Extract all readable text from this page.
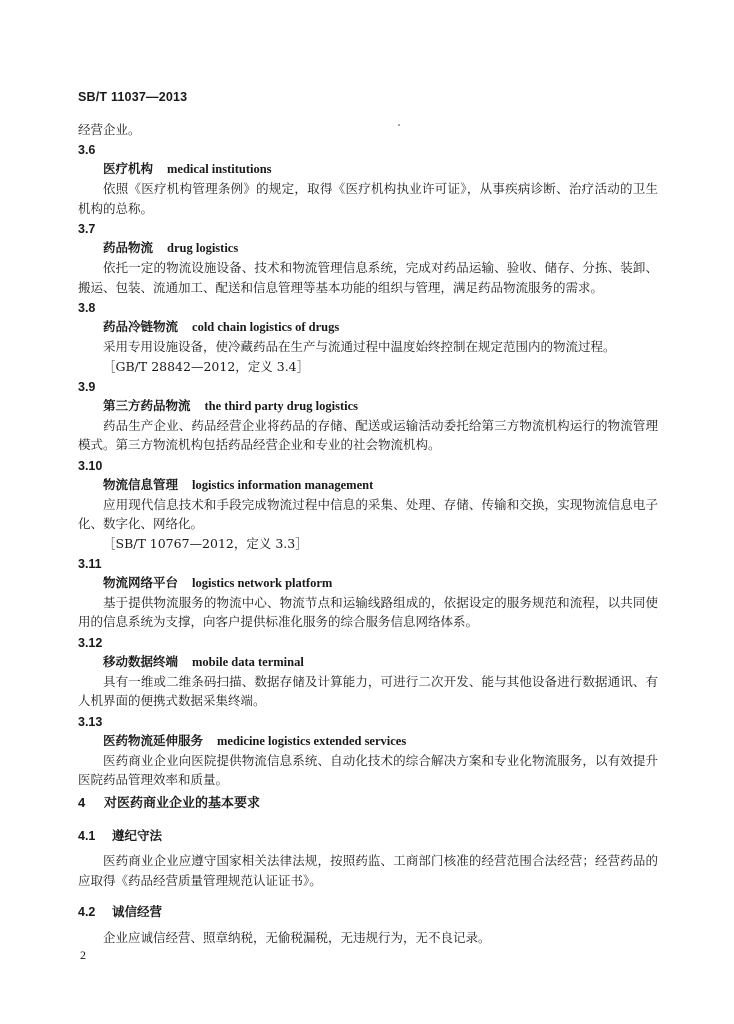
SB/T 11037—2013

经营企业。

3.6
医疗机构 medical institutions

依照《医疗机构管理条例》的规定，取得《医疗机构执业许可证》，从事疾病诊断、治疗活动的卫生机构的总称。

3.7
药品物流 drug logistics

依托一定的物流设施设备、技术和物流管理信息系统，完成对药品运输、验收、储存、分拣、装卸、搬运、包装、流通加工、配送和信息管理等基本功能的组织与管理，满足药品物流服务的需求。

3.8
药品冷链物流 cold chain logistics of drugs

采用专用设施设备，使冷藏药品在生产与流通过程中温度始终控制在规定范围内的物流过程。

［GB/T 28842—2012，定义 3.4］
3.9
第三方药品物流 the third party drug logistics

药品生产企业、药品经营企业将药品的存储、配送或运输活动委托给第三方物流机构运行的物流管理模式。第三方物流机构包括药品经营企业和专业的社会物流机构。

3.10
物流信息管理 logistics information management

应用现代信息技术和手段完成物流过程中信息的采集、处理、存储、传输和交换，实现物流信息电子化、数字化、网络化。

［SB/T 10767—2012，定义 3.3］
3.11
物流网络平台 logistics network platform

基于提供物流服务的物流中心、物流节点和运输线路组成的，依据设定的服务规范和流程，以共同使用的信息系统为支撑，向客户提供标准化服务的综合服务信息网络体系。

3.12
移动数据终端 mobile data terminal

具有一维或二维条码扫描、数据存储及计算能力，可进行二次开发、能与其他设备进行数据通讯、有人机界面的便携式数据采集终端。

3.13
医药物流延伸服务 medicine logistics extended services

医药商业企业向医院提供物流信息系统、自动化技术的综合解决方案和专业化物流服务，以有效提升医院药品管理效率和质量。

4 对医药商业企业的基本要求
4.1 遵纪守法

医药商业企业应遵守国家相关法律法规，按照药监、工商部门核准的经营范围合法经营；经营药品的应取得《药品经营质量管理规范认证证书》。

4.2 诚信经营

企业应诚信经营、照章纳税，无偷税漏税，无违规行为，无不良记录。

2
